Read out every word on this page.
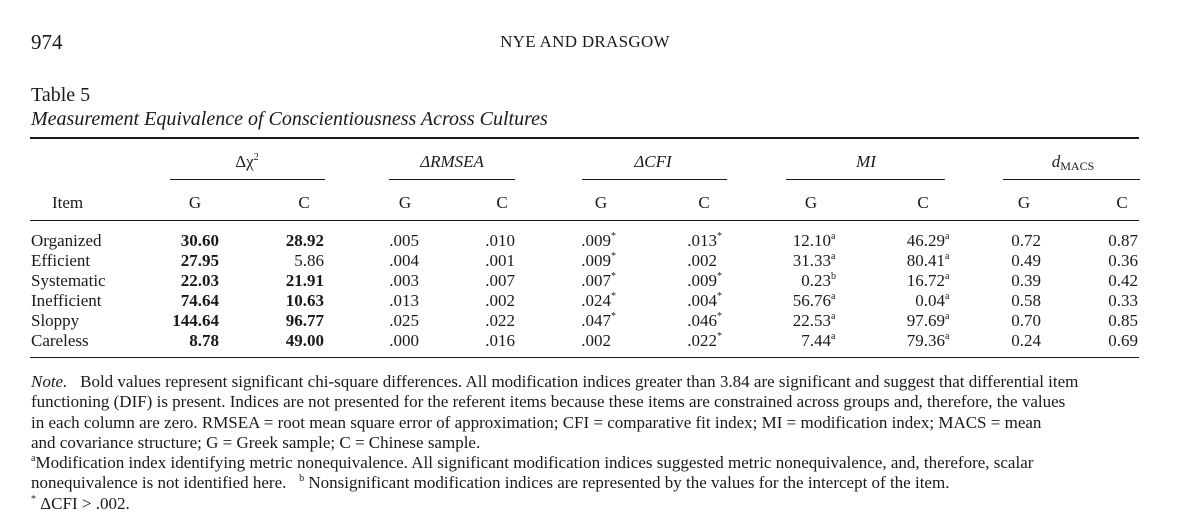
974	NYE AND DRASGOW
Table 5
Measurement Equivalence of Conscientiousness Across Cultures
$\Delta\chi^2$	ΔRMSEA	ΔCFI	MI	dMACS
Item	G	C	G	C	G	C	G	C	G	C
Organized	30.60	28.92	.005	.010	.009*	.013*	12.10a	46.29a	0.72	0.87
Efficient	27.95	5.86	.004	.001	.009*	.002	31.33a	80.41a	0.49	0.36
Systematic	22.03	21.91	.003	.007	.007*	.009*	0.23b	16.72a	0.39	0.42
Inefficient	74.64	10.63	.013	.002	.024*	.004*	56.76a	0.04a	0.58	0.33
Sloppy	144.64	96.77	.025	.022	.047*	.046*	22.53a	97.69a	0.70	0.85
Careless	8.78	49.00	.000	.016	.002	.022*	7.44a	79.36a	0.24	0.69

Note. Bold values represent significant chi-square differences. All modification indices greater than 3.84 are significant and suggest that differential item

functioning (DIF) is present. Indices are not presented for the referent items because these items are constrained across groups and, therefore, the values

in each column are zero. RMSEA = root mean square error of approximation; CFI = comparative fit index; MI = modification index; MACS = mean

and covariance structure; G = Greek sample; C = Chinese sample.

$^a$Modification index identifying metric nonequivalence. All significant modification indices suggested metric nonequivalence, and, therefore, scalar

nonequivalence is not identified here. $^b$ Nonsignificant modification indices are represented by the values for the intercept of the item.

* ΔCFI > .002.
